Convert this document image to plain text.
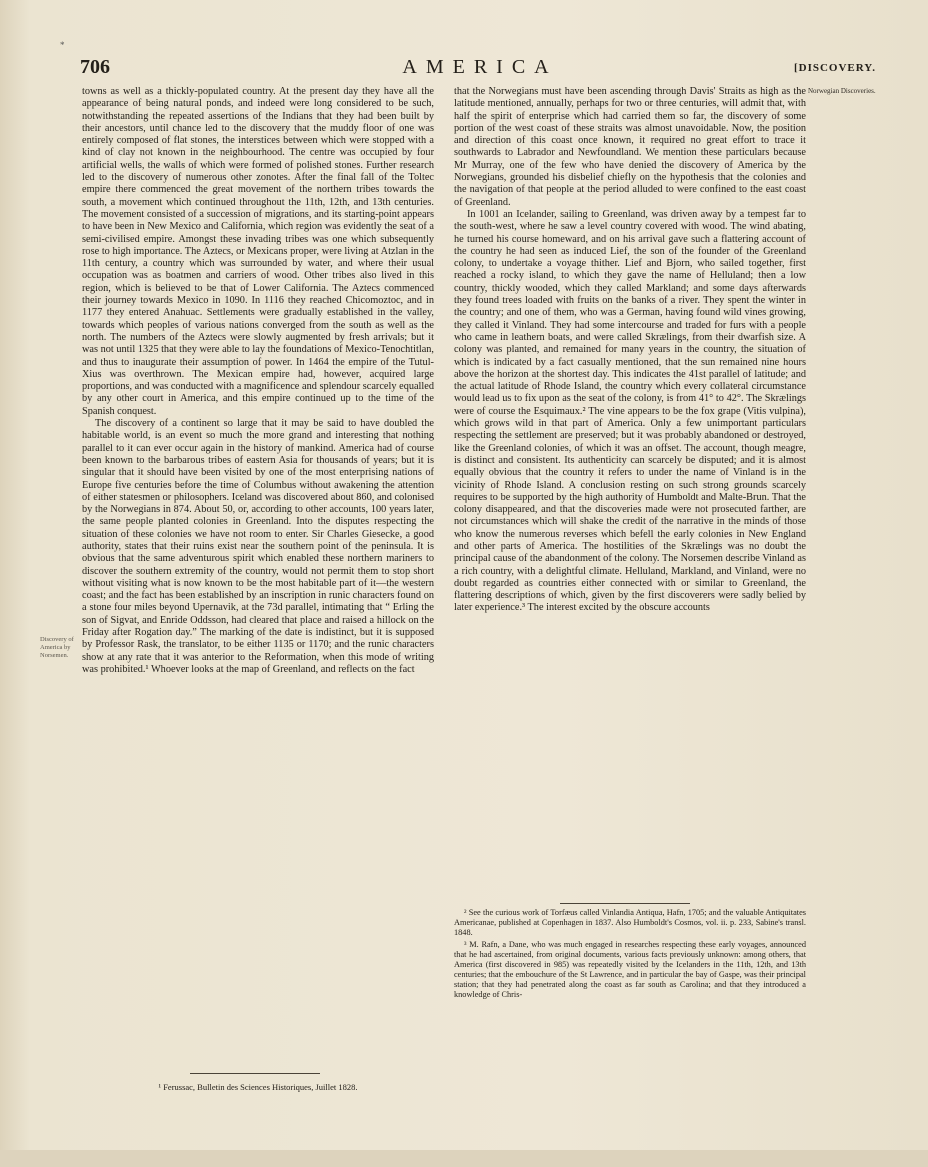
*
706	AMERICA	[DISCOVERY.

towns as well as a thickly-populated country. At the present day they have all the appearance of being natural ponds, and indeed were long considered to be such, notwithstanding the repeated assertions of the Indians that they had been built by their ancestors, until chance led to the discovery that the muddy floor of one was entirely composed of flat stones, the interstices between which were stopped with a kind of clay not known in the neighbourhood. The centre was occupied by four artificial wells, the walls of which were formed of polished stones. Further research led to the discovery of numerous other zonotes. After the final fall of the Toltec empire there commenced the great movement of the northern tribes towards the south, a movement which continued throughout the 11th, 12th, and 13th centuries. The movement consisted of a succession of migrations, and its starting-point appears to have been in New Mexico and California, which region was evidently the seat of a semi-civilised empire. Amongst these invading tribes was one which subsequently rose to high importance. The Aztecs, or Mexicans proper, were living at Atzlan in the 11th century, a country which was surrounded by water, and where their usual occupation was as boatmen and carriers of wood. Other tribes also lived in this region, which is believed to be that of Lower California. The Aztecs commenced their journey towards Mexico in 1090. In 1116 they reached Chicomoztoc, and in 1177 they entered Anahuac. Settlements were gradually established in the valley, towards which peoples of various nations converged from the south as well as the north. The numbers of the Aztecs were slowly augmented by fresh arrivals; but it was not until 1325 that they were able to lay the foundations of Mexico-Tenochtitlan, and thus to inaugurate their assumption of power. In 1464 the empire of the Tutul-Xius was overthrown. The Mexican empire had, however, acquired large proportions, and was conducted with a magnificence and splendour scarcely equalled by any other court in America, and this empire continued up to the time of the Spanish conquest.

The discovery of a continent so large that it may be said to have doubled the habitable world, is an event so much the more grand and interesting that nothing parallel to it can ever occur again in the history of mankind. America had of course been known to the barbarous tribes of eastern Asia for thousands of years; but it is singular that it should have been visited by one of the most enterprising nations of Europe five centuries before the time of Columbus without awakening the attention of either statesmen or philosophers. Iceland was discovered about 860, and colonised by the Norwegians in 874. About 50, or, according to other accounts, 100 years later, the same people planted colonies in Greenland. Into the disputes respecting the situation of these colonies we have not room to enter. Sir Charles Giesecke, a good authority, states that their ruins exist near the southern point of the peninsula. It is obvious that the same adventurous spirit which enabled these northern mariners to discover the southern extremity of the country, would not permit them to stop short without visiting what is now known to be the most habitable part of it—the western coast; and the fact has been established by an inscription in runic characters found on a stone four miles beyond Upernavik, at the 73d parallel, intimating that “ Erling the son of Sigvat, and Enride Oddsson, had cleared that place and raised a hillock on the Friday after Rogation day.” The marking of the date is indistinct, but it is supposed by Professor Rask, the translator, to be either 1135 or 1170; and the runic characters show at any rate that it was anterior to the Reformation, when this mode of writing was prohibited.¹ Whoever looks at the map of Greenland, and reflects on the fact

Discovery of America by Norsemen.

that the Norwegians must have been ascending through Davis' Straits as high as the latitude mentioned, annually, perhaps for two or three centuries, will admit that, with half the spirit of enterprise which had carried them so far, the discovery of some portion of the west coast of these straits was almost unavoidable. Now, the position and direction of this coast once known, it required no great effort to trace it southwards to Labrador and Newfoundland. We mention these particulars because Mr Murray, one of the few who have denied the discovery of America by the Norwegians, grounded his disbelief chiefly on the hypothesis that the colonies and the navigation of that people at the period alluded to were confined to the east coast of Greenland.

In 1001 an Icelander, sailing to Greenland, was driven away by a tempest far to the south-west, where he saw a level country covered with wood. The wind abating, he turned his course homeward, and on his arrival gave such a flattering account of the country he had seen as induced Lief, the son of the founder of the Greenland colony, to undertake a voyage thither. Lief and Bjorn, who sailed together, first reached a rocky island, to which they gave the name of Helluland; then a low country, thickly wooded, which they called Markland; and some days afterwards they found trees loaded with fruits on the banks of a river. They spent the winter in the country; and one of them, who was a German, having found wild vines growing, they called it Vinland. They had some intercourse and traded for furs with a people who came in leathern boats, and were called Skrælings, from their dwarfish size. A colony was planted, and remained for many years in the country, the situation of which is indicated by a fact casually mentioned, that the sun remained nine hours above the horizon at the shortest day. This indicates the 41st parallel of latitude; and the actual latitude of Rhode Island, the country which every collateral circumstance would lead us to fix upon as the seat of the colony, is from 41° to 42°. The Skrælings were of course the Esquimaux.² The vine appears to be the fox grape (Vitis vulpina), which grows wild in that part of America. Only a few unimportant particulars respecting the settlement are preserved; but it was probably abandoned or destroyed, like the Greenland colonies, of which it was an offset. The account, though meagre, is distinct and consistent. Its authenticity can scarcely be disputed; and it is almost equally obvious that the country it refers to under the name of Vinland is in the vicinity of Rhode Island. A conclusion resting on such strong grounds scarcely requires to be supported by the high authority of Humboldt and Malte-Brun. That the colony disappeared, and that the discoveries made were not prosecuted farther, are not circumstances which will shake the credit of the narrative in the minds of those who know the numerous reverses which befell the early colonies in New England and other parts of America. The hostilities of the Skrælings was no doubt the principal cause of the abandonment of the colony. The Norsemen describe Vinland as a rich country, with a delightful climate. Helluland, Markland, and Vinland, were no doubt regarded as countries either connected with or similar to Greenland, the flattering descriptions of which, given by the first discoverers were sadly belied by later experience.³ The interest excited by the obscure accounts

Norwegian Discoveries.
¹ Ferussac, Bulletin des Sciences Historiques, Juillet 1828.

² See the curious work of Torfæus called Vinlandia Antiqua, Hafn, 1705; and the valuable Antiquitates Americanae, published at Copenhagen in 1837. Also Humboldt's Cosmos, vol. ii. p. 233, Sabine's transl. 1848.

³ M. Rafn, a Dane, who was much engaged in researches respecting these early voyages, announced that he had ascertained, from original documents, various facts previously unknown: among others, that America (first discovered in 985) was repeatedly visited by the Icelanders in the 11th, 12th, and 13th centuries; that the embouchure of the St Lawrence, and in particular the bay of Gaspe, was their principal station; that they had penetrated along the coast as far south as Carolina; and that they introduced a knowledge of Chris-
